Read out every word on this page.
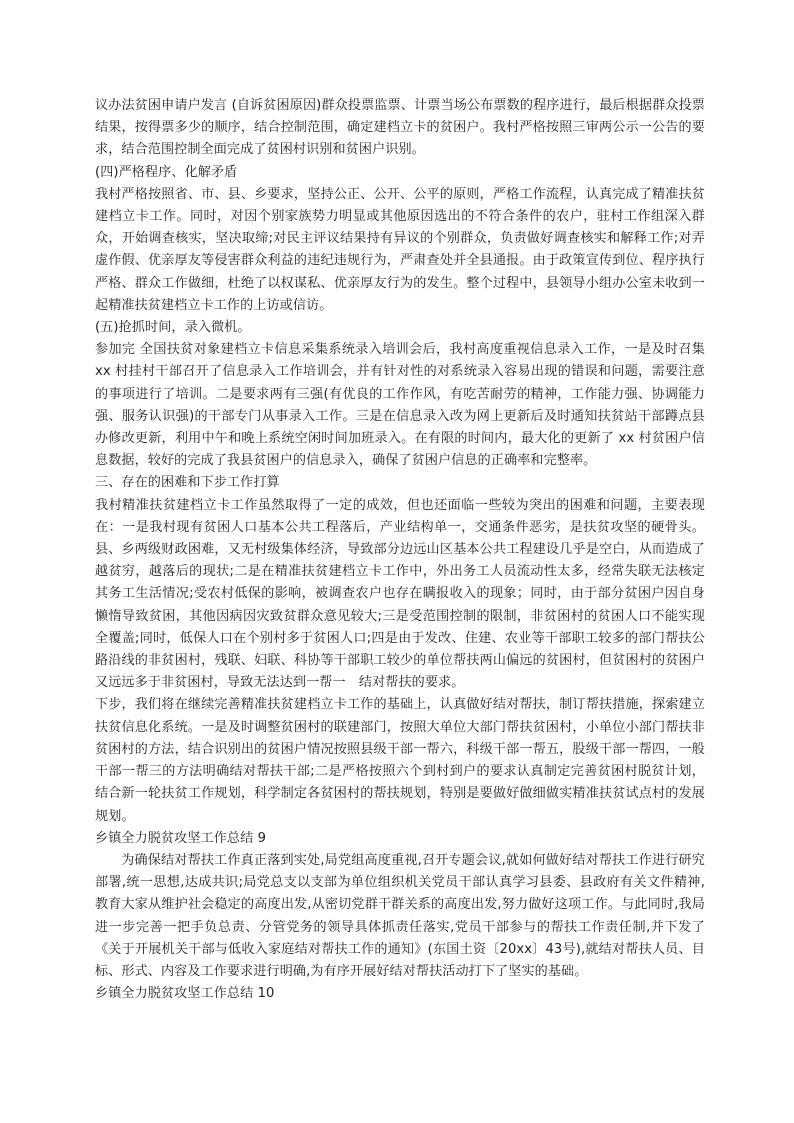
议办法贫困申请户发言 (自诉贫困原因)群众投票监票、计票当场公布票数的程序进行，最后根据群众投票结果，按得票多少的顺序，结合控制范围，确定建档立卡的贫困户。我村严格按照三审两公示一公告的要求，结合范围控制全面完成了贫困村识别和贫困户识别。

(四)严格程序、化解矛盾

我村严格按照省、市、县、乡要求，坚持公正、公开、公平的原则，严格工作流程，认真完成了精准扶贫建档立卡工作。同时，对因个别家族势力明显或其他原因选出的不符合条件的农户，驻村工作组深入群众，开始调查核实，坚决取缔;对民主评议结果持有异议的个别群众，负责做好调查核实和解释工作;对弄虚作假、优亲厚友等侵害群众利益的违纪违规行为，严肃查处并全县通报。由于政策宣传到位、程序执行严格、群众工作做细，杜绝了以权谋私、优亲厚友行为的发生。整个过程中，县领导小组办公室未收到一起精准扶贫建档立卡工作的上访或信访。

(五)抢抓时间，录入微机。

参加完 全国扶贫对象建档立卡信息采集系统录入培训会后，我村高度重视信息录入工作，一是及时召集 xx 村挂村干部召开了信息录入工作培训会，并有针对性的对系统录入容易出现的错误和问题，需要注意的事项进行了培训。二是要求两有三强(有优良的工作作风，有吃苦耐劳的精神，工作能力强、协调能力强、服务认识强)的干部专门从事录入工作。三是在信息录入改为网上更新后及时通知扶贫站干部蹲点县办修改更新，利用中午和晚上系统空闲时间加班录入。在有限的时间内，最大化的更新了 xx 村贫困户信息数据，较好的完成了我县贫困户的信息录入，确保了贫困户信息的正确率和完整率。

三、存在的困难和下步工作打算

我村精准扶贫建档立卡工作虽然取得了一定的成效，但也还面临一些较为突出的困难和问题，主要表现在：一是我村现有贫困人口基本公共工程落后，产业结构单一，交通条件恶劣，是扶贫攻坚的硬骨头。县、乡两级财政困难，又无村级集体经济，导致部分边远山区基本公共工程建设几乎是空白，从而造成了越贫穷，越落后的现状;二是在精准扶贫建档立卡工作中，外出务工人员流动性太多，经常失联无法核定其务工生活情况;受农村低保的影响，被调查农户也存在瞒报收入的现象；同时，由于部分贫困户因自身懒惰导致贫困，其他因病因灾致贫群众意见较大;三是受范围控制的限制，非贫困村的贫困人口不能实现全覆盖;同时，低保人口在个别村多于贫困人口;四是由于发改、住建、农业等干部职工较多的部门帮扶公路沿线的非贫困村，残联、妇联、科协等干部职工较少的单位帮扶两山偏远的贫困村，但贫困村的贫困户又远远多于非贫困村，导致无法达到一帮一　结对帮扶的要求。

下步，我们将在继续完善精准扶贫建档立卡工作的基础上，认真做好结对帮扶，制订帮扶措施，探索建立扶贫信息化系统。一是及时调整贫困村的联建部门，按照大单位大部门帮扶贫困村，小单位小部门帮扶非贫困村的方法，结合识别出的贫困户情况按照县级干部一帮六，科级干部一帮五，股级干部一帮四，一般干部一帮三的方法明确结对帮扶干部;二是严格按照六个到村到户的要求认真制定完善贫困村脱贫计划，结合新一轮扶贫工作规划，科学制定各贫困村的帮扶规划，特别是要做好做细做实精准扶贫试点村的发展规划。

乡镇全力脱贫攻坚工作总结 9

为确保结对帮扶工作真正落到实处,局党组高度重视,召开专题会议,就如何做好结对帮扶工作进行研究部署,统一思想,达成共识;局党总支以支部为单位组织机关党员干部认真学习县委、县政府有关文件精神,教育大家从维护社会稳定的高度出发,从密切党群干群关系的高度出发,努力做好这项工作。与此同时,我局进一步完善一把手负总责、分管党务的领导具体抓责任落实,党员干部参与的帮扶工作责任制,并下发了《关于开展机关干部与低收入家庭结对帮扶工作的通知》(东国土资〔20xx〕43号),就结对帮扶人员、目标、形式、内容及工作要求进行明确,为有序开展好结对帮扶活动打下了坚实的基础。

乡镇全力脱贫攻坚工作总结 10
